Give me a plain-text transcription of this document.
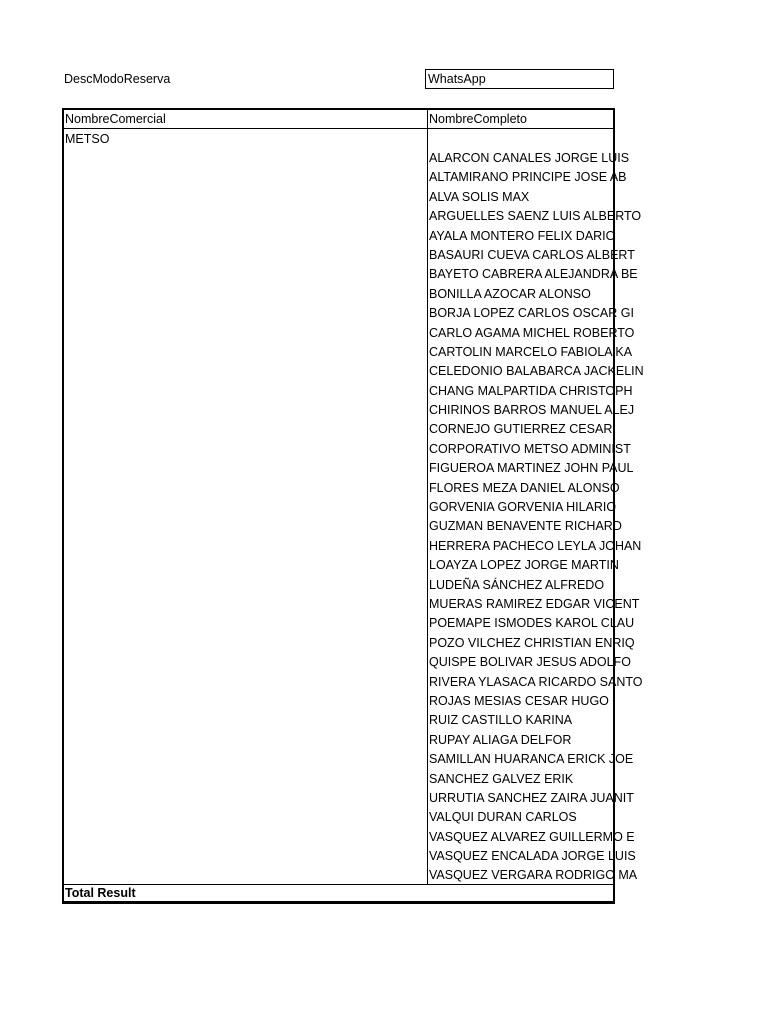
DescModoReserva	WhatsApp
NombreComercial	NombreCompleto
METSO
ALARCON CANALES JORGE LUIS
ALTAMIRANO PRINCIPE JOSE AB
ALVA SOLIS MAX
ARGUELLES SAENZ LUIS ALBERTO
AYALA MONTERO FELIX DARIO
BASAURI CUEVA CARLOS ALBERT
BAYETO CABRERA ALEJANDRA BE
BONILLA AZOCAR ALONSO
BORJA LOPEZ CARLOS OSCAR GI
CARLO AGAMA MICHEL ROBERTO
CARTOLIN MARCELO FABIOLA KA
CELEDONIO BALABARCA JACKELIN
CHANG MALPARTIDA CHRISTOPH
CHIRINOS BARROS MANUEL ALEJ
CORNEJO GUTIERREZ CESAR
CORPORATIVO METSO ADMINIST
FIGUEROA MARTINEZ JOHN PAUL
FLORES MEZA DANIEL ALONSO
GORVENIA GORVENIA HILARIO
GUZMAN BENAVENTE RICHARD
HERRERA PACHECO LEYLA JOHAN
LOAYZA LOPEZ JORGE MARTIN
LUDEÑA SÁNCHEZ ALFREDO
MUERAS RAMIREZ EDGAR VICENT
POEMAPE ISMODES KAROL CLAU
POZO VILCHEZ CHRISTIAN ENRIQ
QUISPE BOLIVAR JESUS ADOLFO
RIVERA YLASACA RICARDO SANTO
ROJAS MESIAS CESAR HUGO
RUIZ CASTILLO KARINA
RUPAY ALIAGA DELFOR
SAMILLAN HUARANCA ERICK JOE
SANCHEZ GALVEZ ERIK
URRUTIA SANCHEZ ZAIRA JUANIT
VALQUI DURAN CARLOS
VASQUEZ ALVAREZ GUILLERMO E
VASQUEZ ENCALADA JORGE LUIS
VASQUEZ VERGARA RODRIGO MA
Total Result
